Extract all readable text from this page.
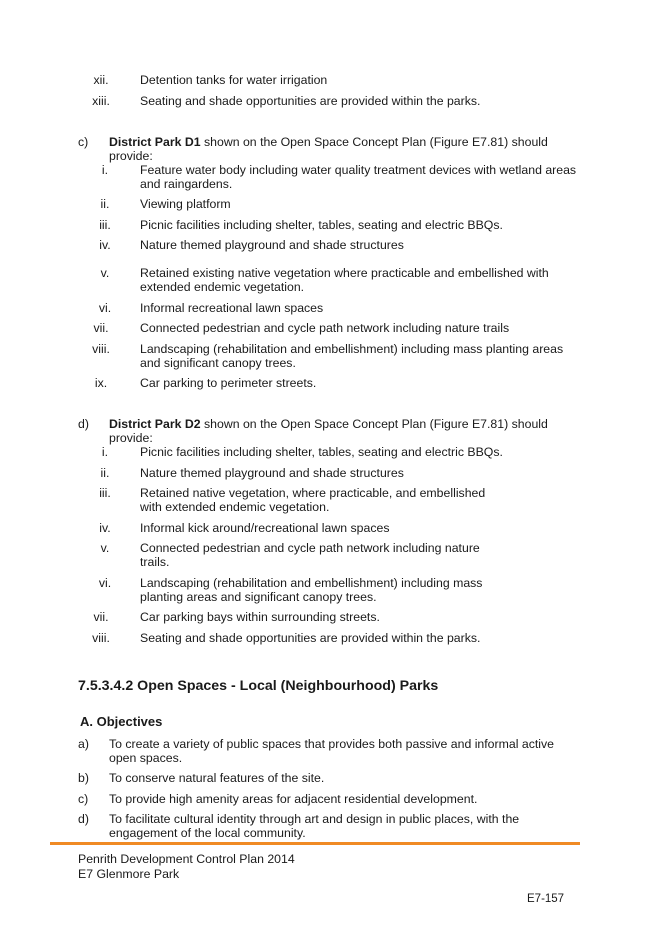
xii.	Detention tanks for water irrigation
xiii.	Seating and shade opportunities are provided within the parks.
c) District Park D1 shown on the Open Space Concept Plan (Figure E7.81) should
provide:
i.	Feature water body including water quality treatment devices with wetland areas and raingardens.
ii.	Viewing platform
iii.	Picnic facilities including shelter, tables, seating and electric BBQs.
iv.	Nature themed playground and shade structures
v.	Retained existing native vegetation where practicable and embellished with extended endemic vegetation.
vi.	Informal recreational lawn spaces
vii.	Connected pedestrian and cycle path network including nature trails
viii.	Landscaping (rehabilitation and embellishment) including mass planting areas and significant canopy trees.
ix.	Car parking to perimeter streets.
d) District Park D2 shown on the Open Space Concept Plan (Figure E7.81) should
provide:
i.	Picnic facilities including shelter, tables, seating and electric BBQs.
ii.	Nature themed playground and shade structures
iii.	Retained native vegetation, where practicable, and embellished
with extended endemic vegetation.
iv.	Informal kick around/recreational lawn spaces
v.	Connected pedestrian and cycle path network including nature
trails.
vi.	Landscaping (rehabilitation and embellishment) including mass
planting areas and significant canopy trees.
vii.	Car parking bays within surrounding streets.
viii.	Seating and shade opportunities are provided within the parks.
7.5.3.4.2 Open Spaces - Local (Neighbourhood) Parks
A. Objectives
a) To create a variety of public spaces that provides both passive and informal active open spaces.
b) To conserve natural features of the site.
c) To provide high amenity areas for adjacent residential development.
d) To facilitate cultural identity through art and design in public places, with the engagement of the local community.
Penrith Development Control Plan 2014
E7 Glenmore Park
E7-157
